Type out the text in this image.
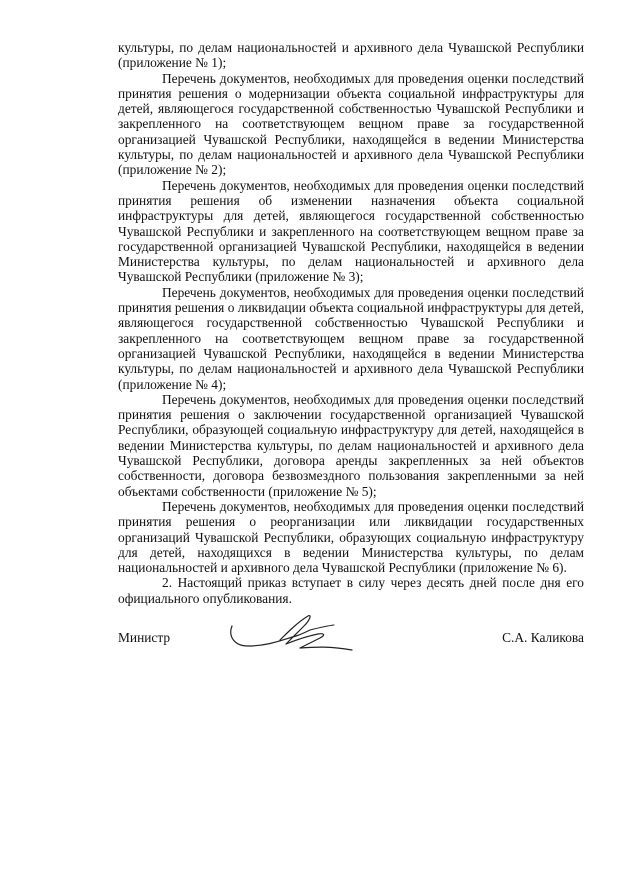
культуры, по делам национальностей и архивного дела Чувашской Республики (приложение № 1);

Перечень документов, необходимых для проведения оценки последствий принятия решения о модернизации объекта социальной инфраструктуры для детей, являющегося государственной собственностью Чувашской Республики и закрепленного на соответствующем вещном праве за государственной организацией Чувашской Республики, находящейся в ведении Министерства культуры, по делам национальностей и архивного дела Чувашской Республики (приложение № 2);

Перечень документов, необходимых для проведения оценки последствий принятия решения об изменении назначения объекта социальной инфраструктуры для детей, являющегося государственной собственностью Чувашской Республики и закрепленного на соответствующем вещном праве за государственной организацией Чувашской Республики, находящейся в ведении Министерства культуры, по делам национальностей и архивного дела Чувашской Республики (приложение № 3);

Перечень документов, необходимых для проведения оценки последствий принятия решения о ликвидации объекта социальной инфраструктуры для детей, являющегося государственной собственностью Чувашской Республики и закрепленного на соответствующем вещном праве за государственной организацией Чувашской Республики, находящейся в ведении Министерства культуры, по делам национальностей и архивного дела Чувашской Республики (приложение № 4);

Перечень документов, необходимых для проведения оценки последствий принятия решения о заключении государственной организацией Чувашской Республики, образующей социальную инфраструктуру для детей, находящейся в ведении Министерства культуры, по делам национальностей и архивного дела Чувашской Республики, договора аренды закрепленных за ней объектов собственности, договора безвозмездного пользования закрепленными за ней объектами собственности (приложение № 5);

Перечень документов, необходимых для проведения оценки последствий принятия решения о реорганизации или ликвидации государственных организаций Чувашской Республики, образующих социальную инфраструктуру для детей, находящихся в ведении Министерства культуры, по делам национальностей и архивного дела Чувашской Республики (приложение № 6).

2. Настоящий приказ вступает в силу через десять дней после дня его официального опубликования.

Министр	С.А. Каликова
